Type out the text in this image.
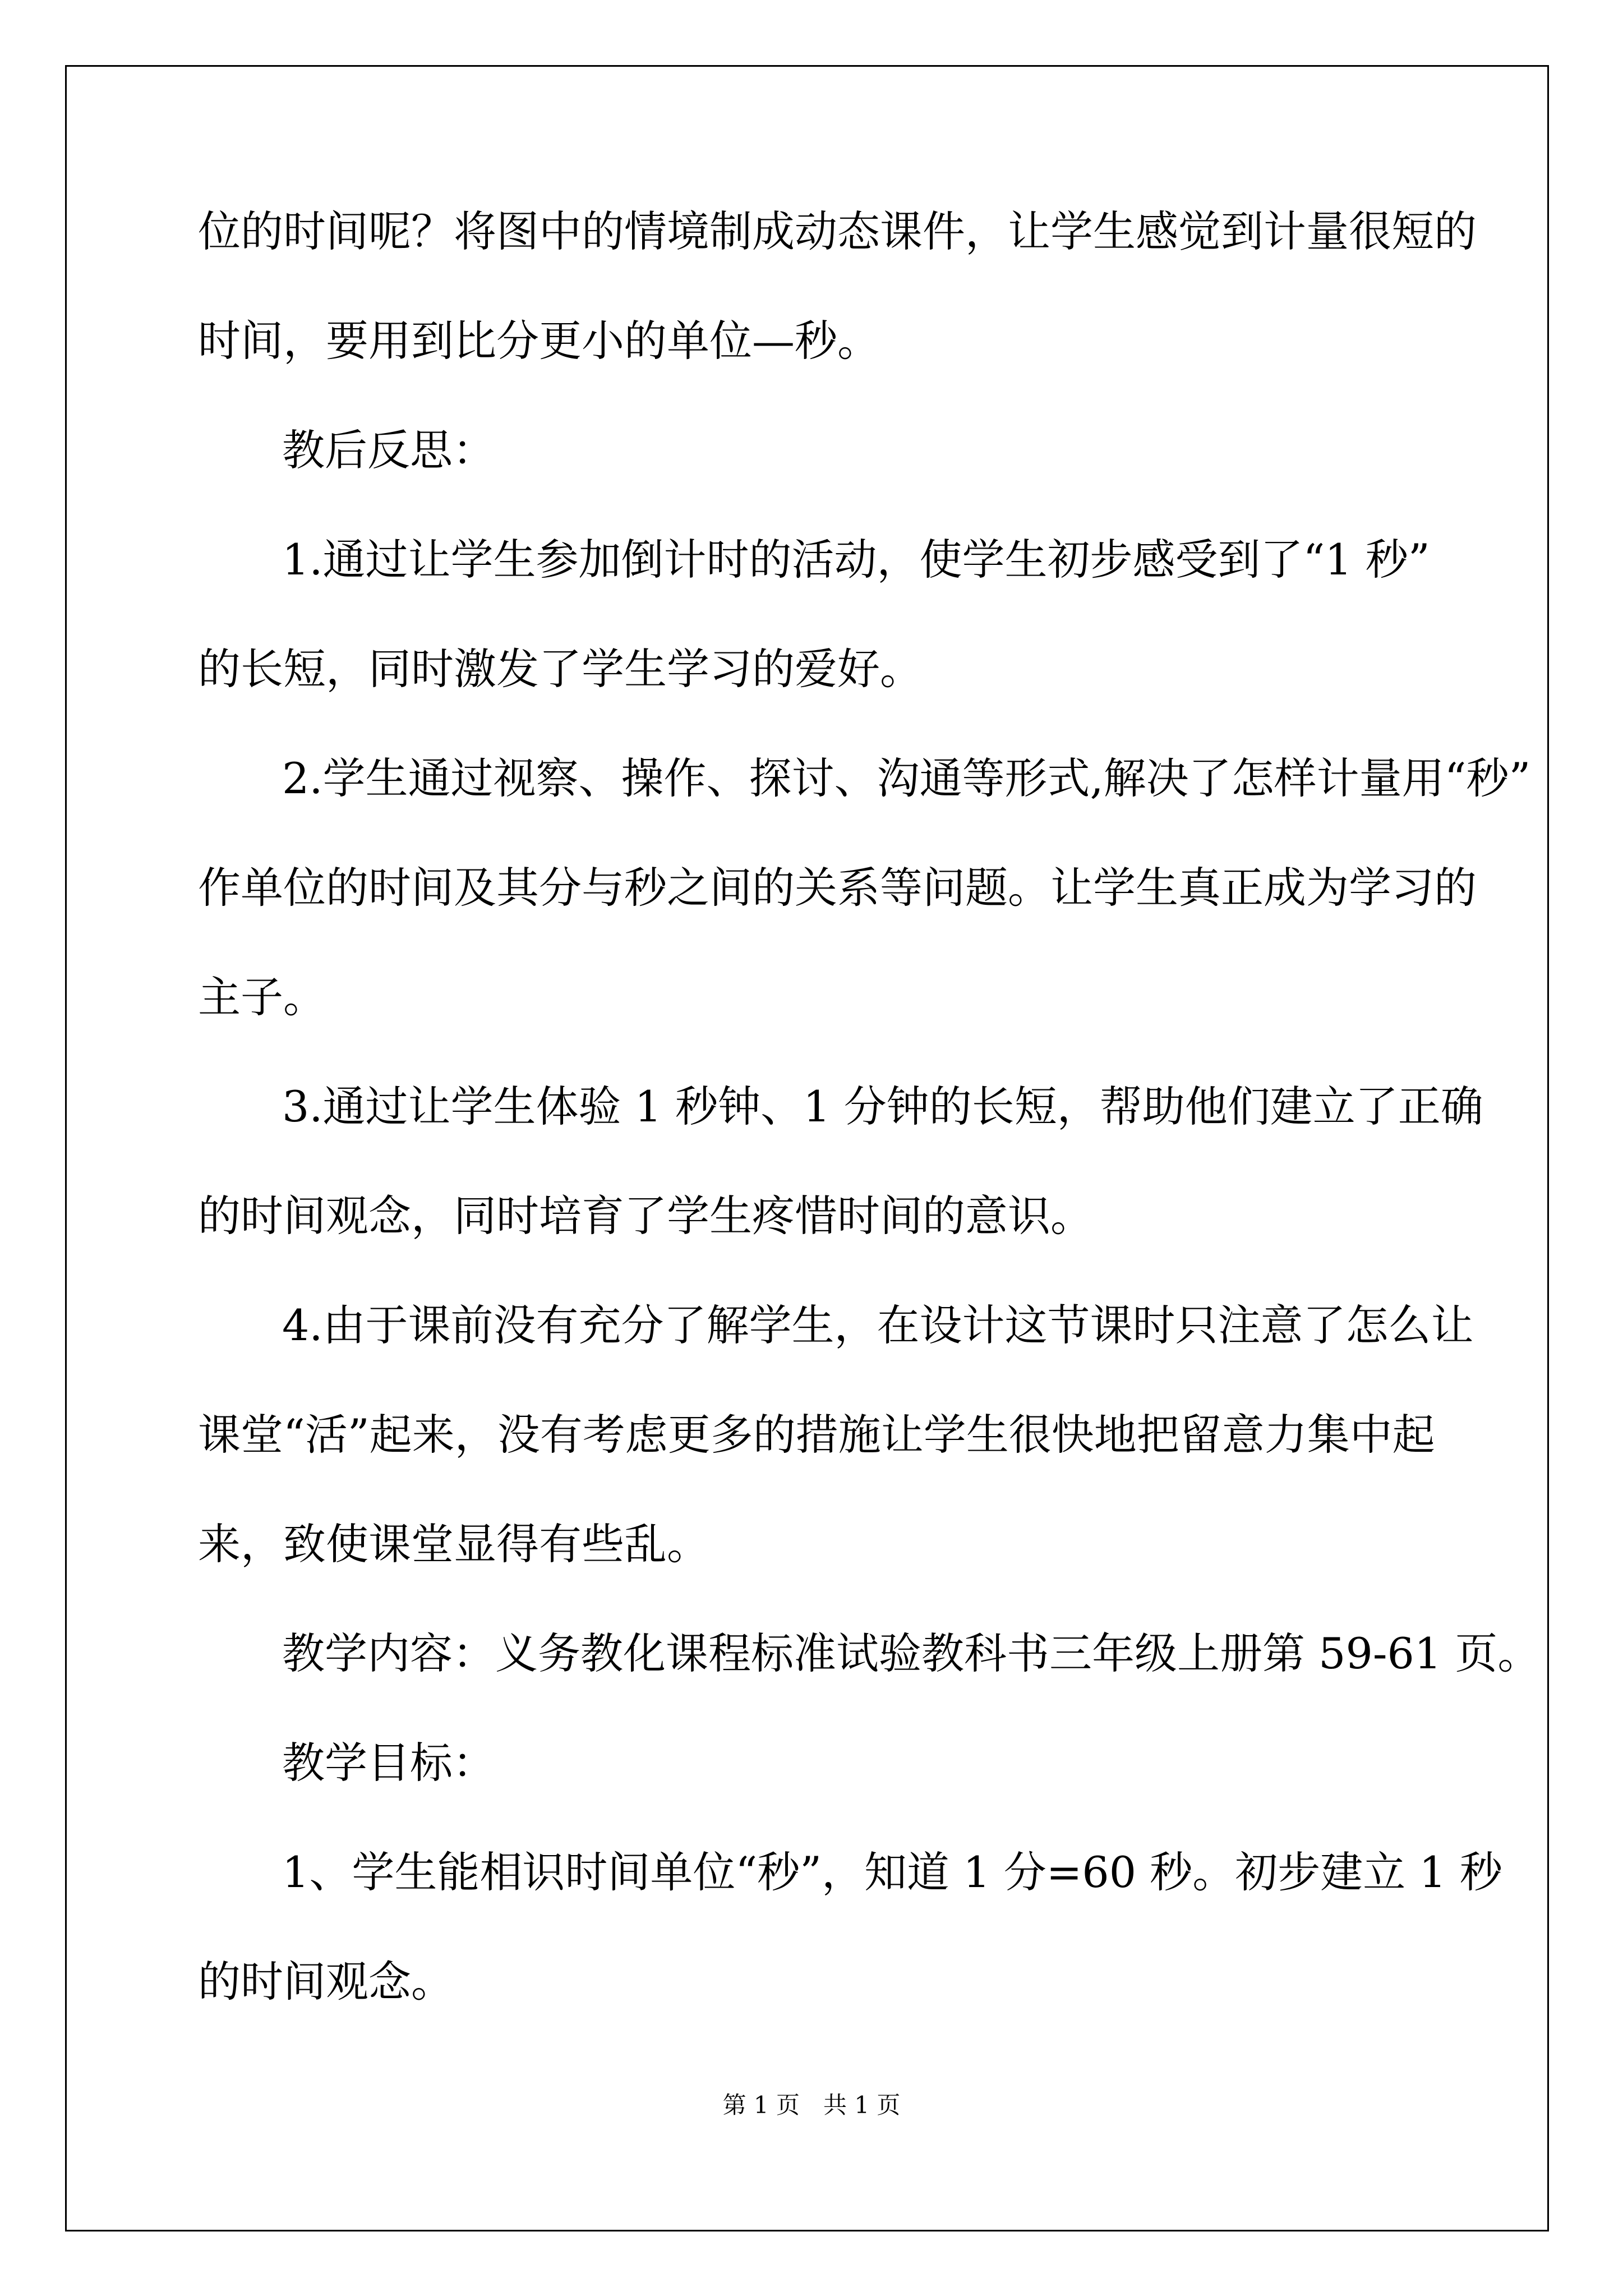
位的时间呢？将图中的情境制成动态课件，让学生感觉到计量很短的
时间，要用到比分更小的单位—秒。
教后反思：
1.通过让学生参加倒计时的活动，使学生初步感受到了“1 秒”
的长短，同时激发了学生学习的爱好。
2.学生通过视察、操作、探讨、沟通等形式,解决了怎样计量用“秒”
作单位的时间及其分与秒之间的关系等问题。让学生真正成为学习的
主子。
3.通过让学生体验 1 秒钟、1 分钟的长短，帮助他们建立了正确
的时间观念，同时培育了学生疼惜时间的意识。
4.由于课前没有充分了解学生，在设计这节课时只注意了怎么让
课堂“活”起来，没有考虑更多的措施让学生很快地把留意力集中起
来，致使课堂显得有些乱。
教学内容：义务教化课程标准试验教科书三年级上册第 59-61 页。
教学目标：
1、学生能相识时间单位“秒”，知道 1 分=60 秒。初步建立 1 秒
的时间观念。
第 1 页　共 1 页
